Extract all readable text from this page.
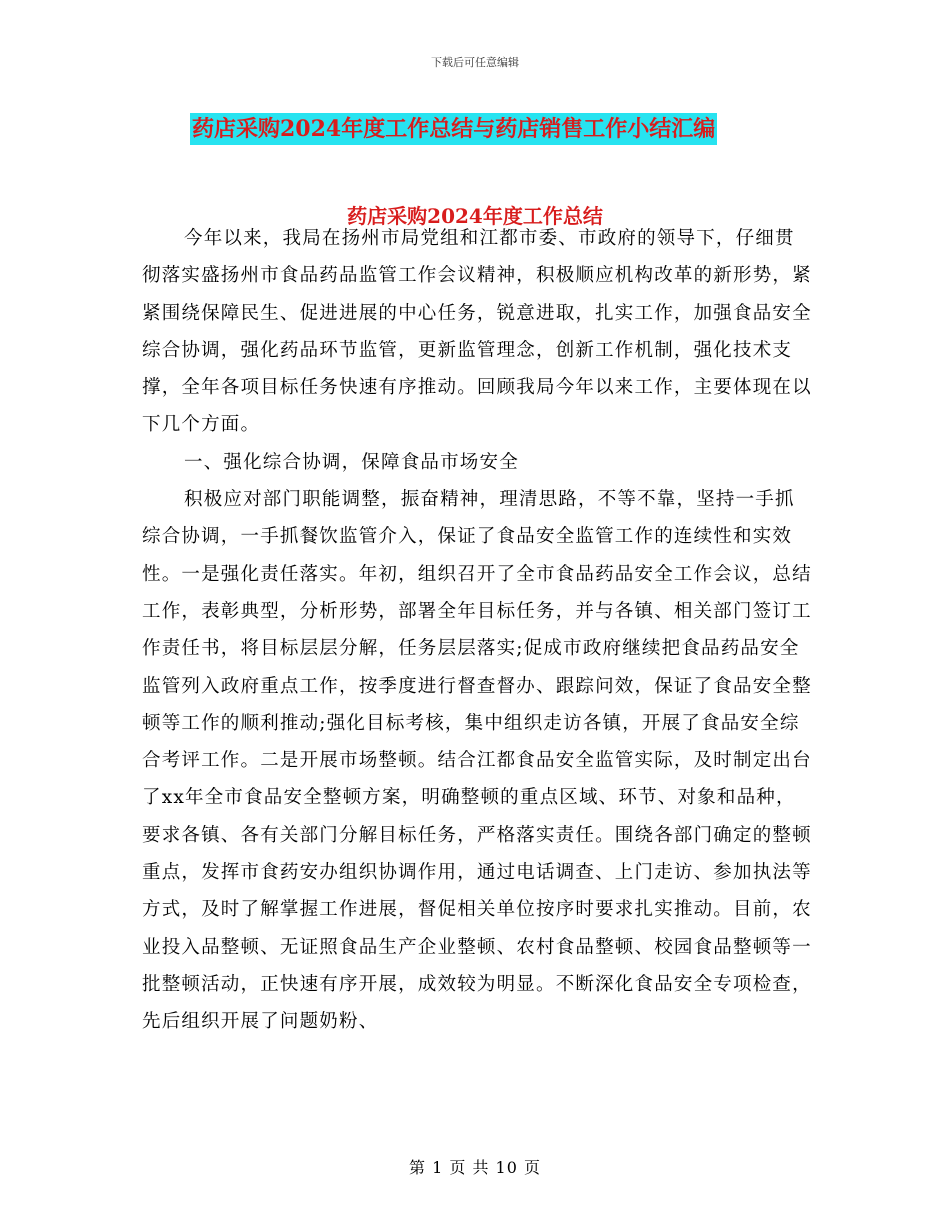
下载后可任意编辑
药店采购2024年度工作总结与药店销售工作小结汇编
药店采购2024年度工作总结

今年以来，我局在扬州市局党组和江都市委、市政府的领导下，仔细贯彻落实盛扬州市食品药品监管工作会议精神，积极顺应机构改革的新形势，紧紧围绕保障民生、促进进展的中心任务，锐意进取，扎实工作，加强食品安全综合协调，强化药品环节监管，更新监管理念，创新工作机制，强化技术支撑，全年各项目标任务快速有序推动。回顾我局今年以来工作，主要体现在以下几个方面。

一、强化综合协调，保障食品市场安全

积极应对部门职能调整，振奋精神，理清思路，不等不靠，坚持一手抓综合协调，一手抓餐饮监管介入，保证了食品安全监管工作的连续性和实效性。一是强化责任落实。年初，组织召开了全市食品药品安全工作会议，总结工作，表彰典型，分析形势，部署全年目标任务，并与各镇、相关部门签订工作责任书，将目标层层分解，任务层层落实;促成市政府继续把食品药品安全监管列入政府重点工作，按季度进行督查督办、跟踪问效，保证了食品安全整顿等工作的顺利推动;强化目标考核，集中组织走访各镇，开展了食品安全综合考评工作。二是开展市场整顿。结合江都食品安全监管实际，及时制定出台了xx年全市食品安全整顿方案，明确整顿的重点区域、环节、对象和品种，要求各镇、各有关部门分解目标任务，严格落实责任。围绕各部门确定的整顿重点，发挥市食药安办组织协调作用，通过电话调查、上门走访、参加执法等方式，及时了解掌握工作进展，督促相关单位按序时要求扎实推动。目前，农业投入品整顿、无证照食品生产企业整顿、农村食品整顿、校园食品整顿等一批整顿活动，正快速有序开展，成效较为明显。不断深化食品安全专项检查，先后组织开展了问题奶粉、

第 1 页 共 10 页
